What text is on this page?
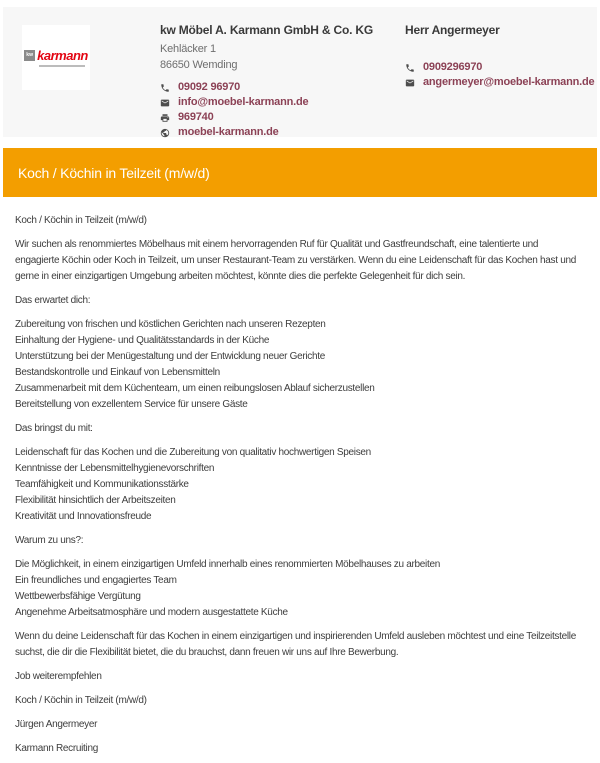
kw karmann
kw Möbel A. Karmann GmbH & Co. KG
Kehläcker 1
86650 Wemding
09092 96970
info@moebel-karmann.de
969740
moebel-karmann.de
Herr Angermeyer
0909296970
angermeyer@moebel-karmann.de
Koch / Köchin in Teilzeit (m/w/d)
Koch / Köchin in Teilzeit (m/w/d)
Wir suchen als renommiertes Möbelhaus mit einem hervorragenden Ruf für Qualität und Gastfreundschaft, eine talentierte und
engagierte Köchin oder Koch in Teilzeit, um unser Restaurant-Team zu verstärken. Wenn du eine Leidenschaft für das Kochen hast und
gerne in einer einzigartigen Umgebung arbeiten möchtest, könnte dies die perfekte Gelegenheit für dich sein.
Das erwartet dich:
Zubereitung von frischen und köstlichen Gerichten nach unseren Rezepten
Einhaltung der Hygiene- und Qualitätsstandards in der Küche
Unterstützung bei der Menügestaltung und der Entwicklung neuer Gerichte
Bestandskontrolle und Einkauf von Lebensmitteln
Zusammenarbeit mit dem Küchenteam, um einen reibungslosen Ablauf sicherzustellen
Bereitstellung von exzellentem Service für unsere Gäste
Das bringst du mit:
Leidenschaft für das Kochen und die Zubereitung von qualitativ hochwertigen Speisen
Kenntnisse der Lebensmittelhygienevorschriften
Teamfähigkeit und Kommunikationsstärke
Flexibilität hinsichtlich der Arbeitszeiten
Kreativität und Innovationsfreude
Warum zu uns?:
Die Möglichkeit, in einem einzigartigen Umfeld innerhalb eines renommierten Möbelhauses zu arbeiten
Ein freundliches und engagiertes Team
Wettbewerbsfähige Vergütung
Angenehme Arbeitsatmosphäre und modern ausgestattete Küche
Wenn du deine Leidenschaft für das Kochen in einem einzigartigen und inspirierenden Umfeld ausleben möchtest und eine Teilzeitstelle
suchst, die dir die Flexibilität bietet, die du brauchst, dann freuen wir uns auf Ihre Bewerbung.
Job weiterempfehlen
Koch / Köchin in Teilzeit (m/w/d)
Jürgen Angermeyer
Karmann Recruiting
